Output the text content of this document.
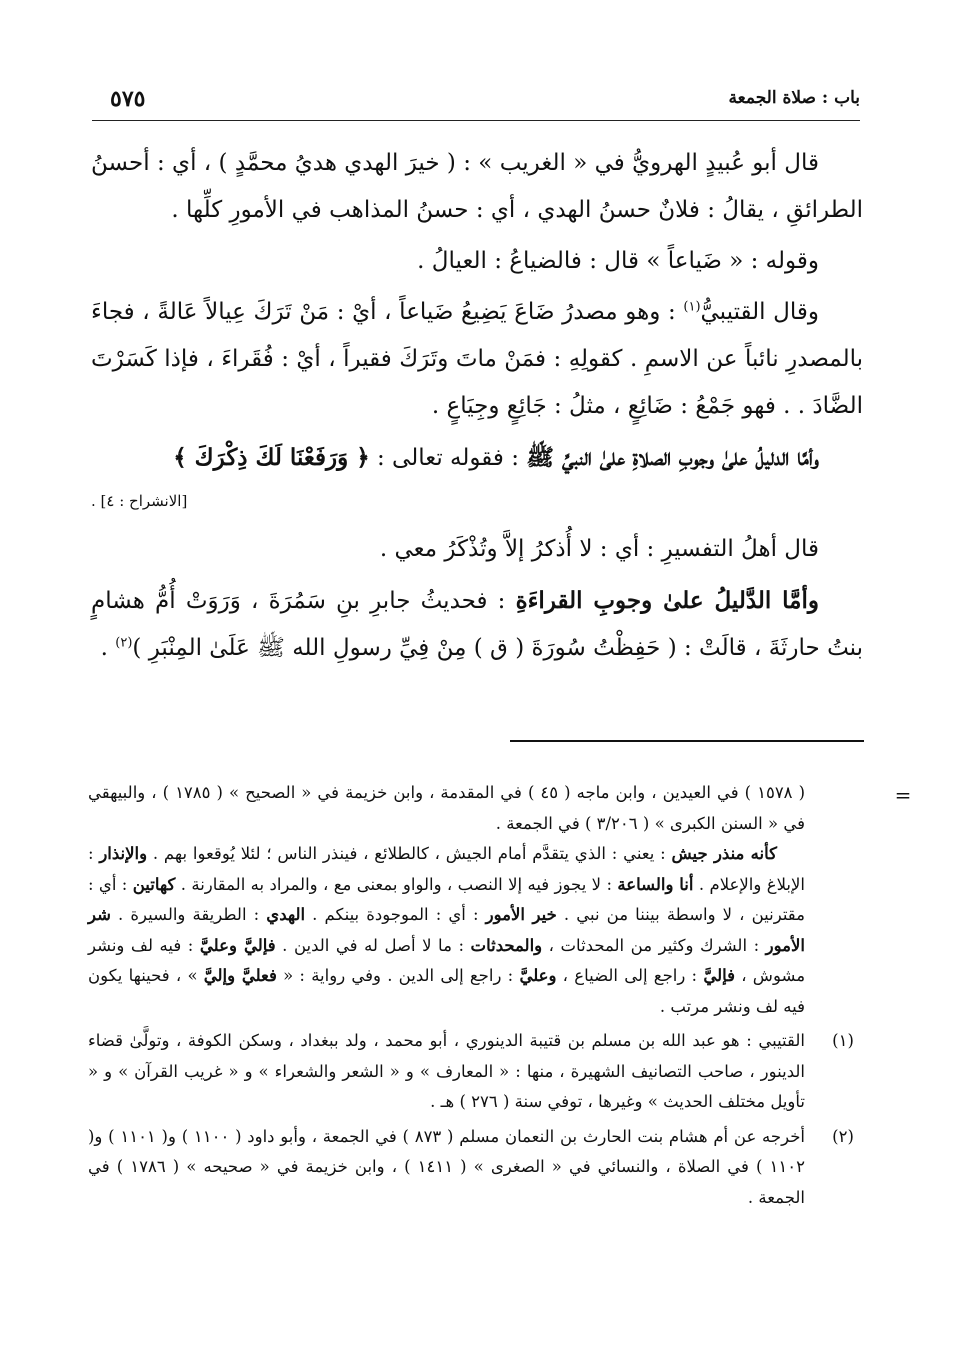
باب : صلاة الجمعة
٥٧٥

قال أبو عُبيدٍ الهرويُّ في « الغريب » : ( خيرَ الهدي هديُ محمَّدٍ ) ، أي : أحسنُ الطرائقِ ، يقالُ : فلانٌ حسنُ الهدي ، أي : حسنُ المذاهب في الأمورِ كلِّها .

وقوله : « ضَياعاً » قال : فالضياعُ : العيالُ .

وقال القتيبيُّ$^{(١)}$ : وهو مصدرُ ضَاعَ يَضِيعُ ضَياعاً ، أيْ : مَنْ تَرَكَ عِيالاً عَالةً ، فجاءَ بالمصدرِ نائباً عن الاسمِ . كقولِهِ : فمَنْ ماتَ وتَرَكَ فقيراً ، أيْ : فُقَراءَ ، فإذا كَسَرْتَ الضَّادَ . . فهو جَمْعُ : ضَائِعٍ ، مثلُ : جَائِعٍ وجِيَاعٍ .

وأمَّا الدليلُ علىٰ وجوبِ الصلاةِ علىٰ النبيِّ ﷺ : فقوله تعالى : ﴿ وَرَفَعْنَا لَكَ ذِكْرَكَ ﴾
[الانشراح : ٤] .

قال أهلُ التفسيرِ : أي : لا أُذكرُ إلاَّ وتُذْكَرُ معي .

وأمَّا الدَّليلُ علىٰ وجوبِ القراءَةِ : فحديثُ جابرِ بنِ سَمُرَةَ ، وَرَوَتْ أُمُّ هشامٍ بنتُ حارثَةَ ، قالَتْ : ( حَفِظْتُ سُورَةَ ( ق ) مِنْ فِيِّ رسولِ الله ﷺ عَلَىٰ المِنْبَرِ )$^{(٢)}$ .

=

( ١٥٧٨ ) في العيدين ، وابن ماجه ( ٤٥ ) في المقدمة ، وابن خزيمة في « الصحيح » ( ١٧٨٥ ) ، والبيهقي في « السنن الكبرى » ( ٣/٢٠٦ ) في الجمعة .

كأنه منذر جيش : يعني : الذي يتقدَّم أمام الجيش ، كالطلائع ، فينذر الناس ؛ لئلا يُوقعوا بهم . والإنذار : الإبلاغ والإعلام . أنا والساعة : لا يجوز فيه إلا النصب ، والواو بمعنى مع ، والمراد به المقارنة . كهاتين : أي : مقترنين ، لا واسطة بيننا من نبي . خير الأمور : أي : الموجودة بينكم . الهدي : الطريقة والسيرة . شر الأمور : الشرك وكثير من المحدثات ، والمحدثات : ما لا أصل له في الدين . فإليَّ وعليَّ : فيه لف ونشر مشوش ، فإليَّ : راجع إلى الضياع ، وعليَّ : راجع إلى الدين . وفي رواية : « فعليَّ وإليَّ » ، فحينها يكون فيه لف ونشر مرتب .

(١)

القتيبي : هو عبد الله بن مسلم بن قتيبة الدينوري ، أبو محمد ، ولد ببغداد ، وسكن الكوفة ، وتولَّىٰ قضاء الدينور ، صاحب التصانيف الشهيرة ، منها : « المعارف » و « الشعر والشعراء » و « غريب القرآن » و « تأويل مختلف الحديث » وغيرها ، توفي سنة ( ٢٧٦ ) هـ .

(٢)

أخرجه عن أم هشام بنت الحارث بن النعمان مسلم ( ٨٧٣ ) في الجمعة ، وأبو داود ( ١١٠٠ ) و( ١١٠١ ) و( ١١٠٢ ) في الصلاة ، والنسائي في « الصغرى » ( ١٤١١ ) ، وابن خزيمة في « صحيحه » ( ١٧٨٦ ) في الجمعة .
